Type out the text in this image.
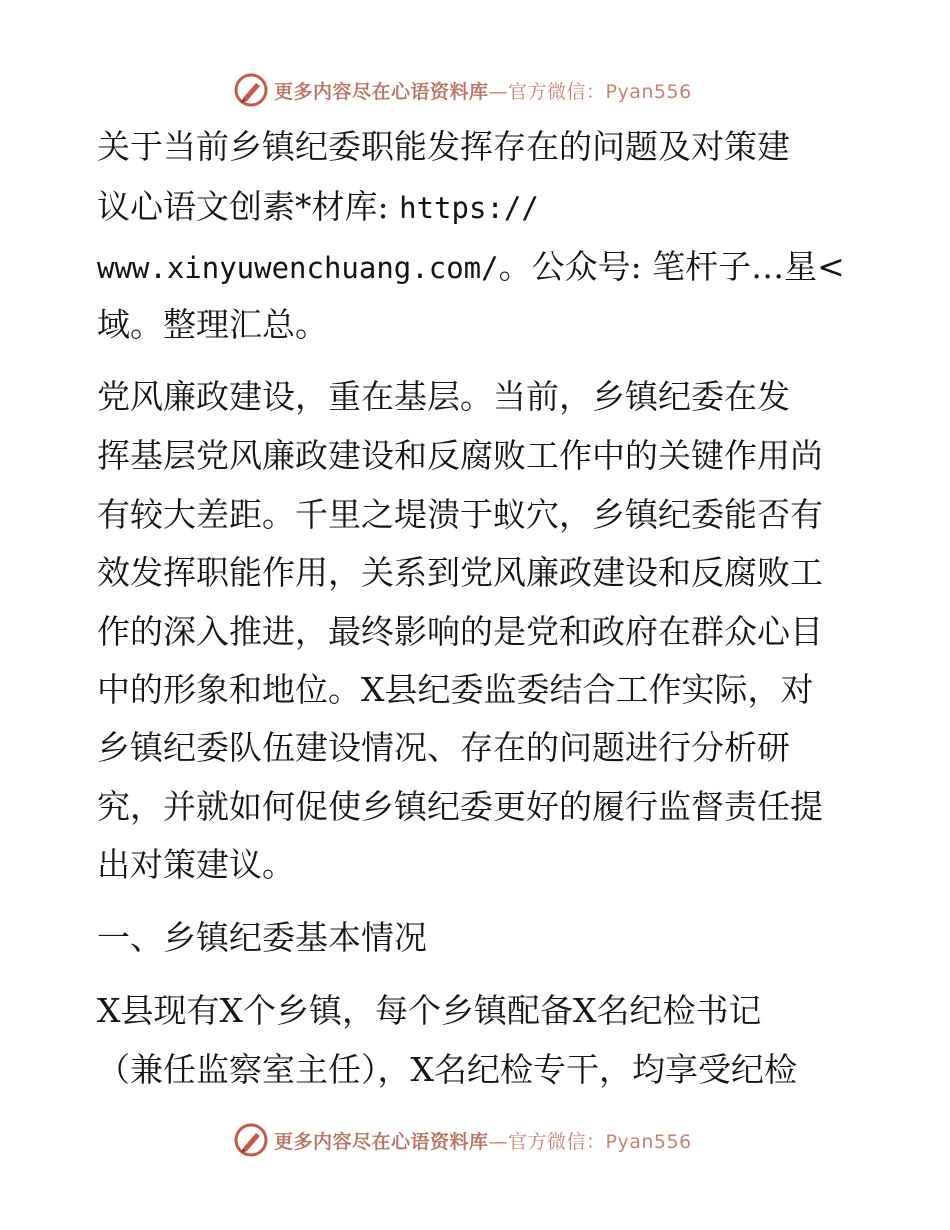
更多内容尽在心语资料库—官方微信：Pyan556
关于当前乡镇纪委职能发挥存在的问题及对策建
议心语文创素*材库: https://
www.xinyuwenchuang.com/。公众号: 笔杆子…星<
域。整理汇总。
党风廉政建设，重在基层。当前，乡镇纪委在发
挥基层党风廉政建设和反腐败工作中的关键作用尚
有较大差距。千里之堤溃于蚁穴，乡镇纪委能否有
效发挥职能作用，关系到党风廉政建设和反腐败工
作的深入推进，最终影响的是党和政府在群众心目
中的形象和地位。X县纪委监委结合工作实际，对
乡镇纪委队伍建设情况、存在的问题进行分析研
究，并就如何促使乡镇纪委更好的履行监督责任提
出对策建议。
一、乡镇纪委基本情况
X县现有X个乡镇，每个乡镇配备X名纪检书记
（兼任监察室主任），X名纪检专干，均享受纪检
更多内容尽在心语资料库—官方微信：Pyan556
